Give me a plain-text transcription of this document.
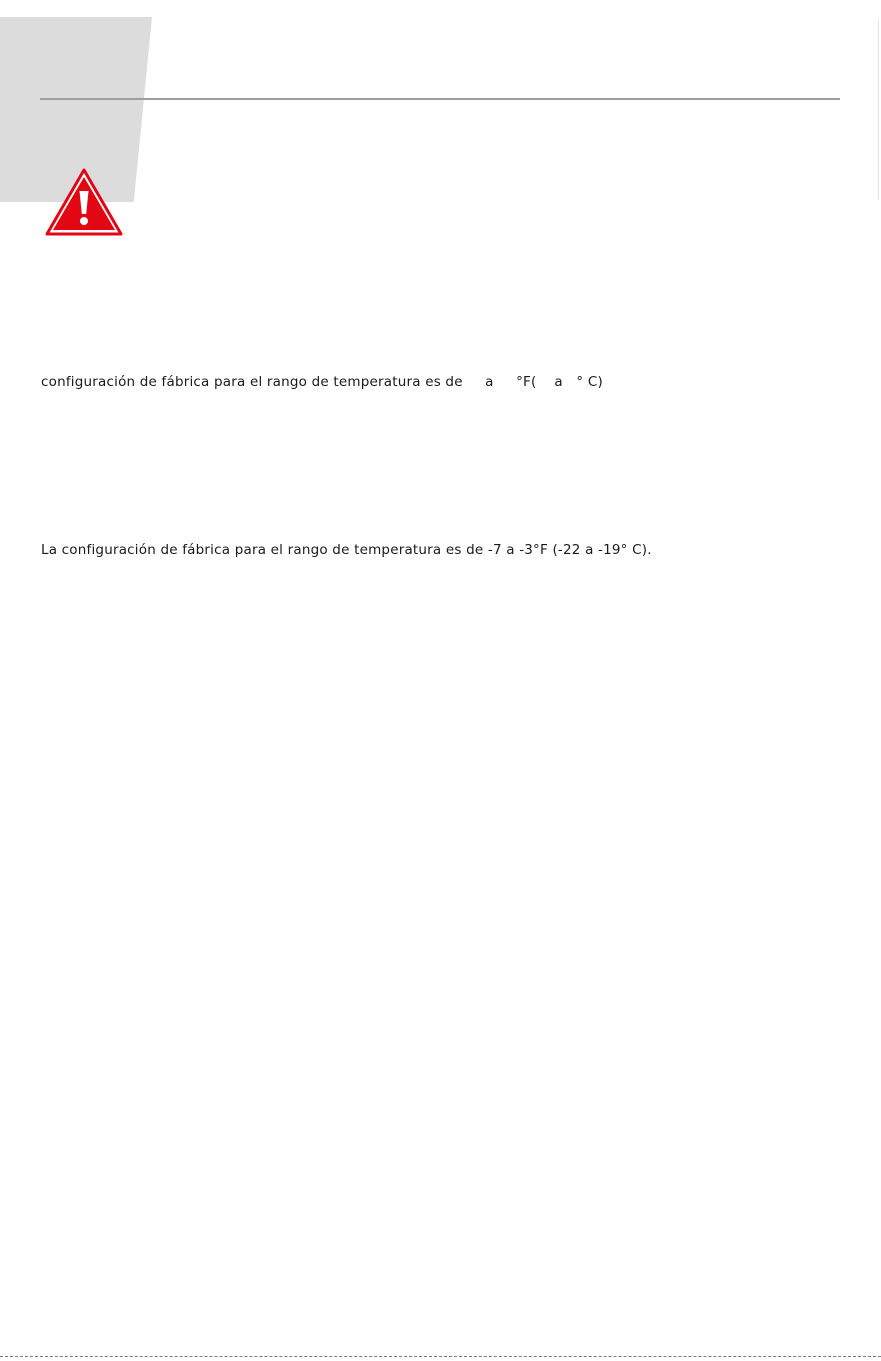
configuración de fábrica para el rango de temperatura es de     a     °F(    a   ° C)
La configuración de fábrica para el rango de temperatura es de -7 a -3°F (-22 a -19° C).
